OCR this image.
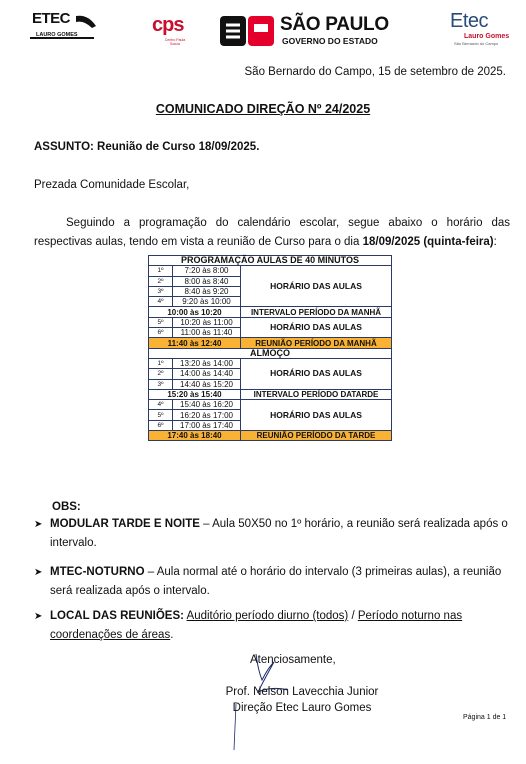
ETEC
LAURO GOMES	cps
Centro Paula Souza
SÃO PAULO
GOVERNO DO ESTADO
Etec
Lauro Gomes
São Bernardo do Campo
São Bernardo do Campo, 15 de setembro de 2025.
COMUNICADO DIREÇÃO Nº 24/2025
ASSUNTO: Reunião de Curso 18/09/2025.
Prezada Comunidade Escolar,
Seguindo a programação do calendário escolar, segue abaixo o horário das respectivas aulas, tendo em vista a reunião de Curso para o dia 18/09/2025 (quinta-feira):
PROGRAMAÇÃO AULAS DE 40 MINUTOS		
1º	7:20 às 8:00	HORÁRIO DAS AULAS
2º	8:00 às 8:40	
3º	8:40 às 9:20	
4º	9:20 às 10:00	
10:00 às 10:20		INTERVALO PERÍODO DA MANHÃ
5º	10:20 às 11:00	HORÁRIO DAS AULAS
6º	11:00 às 11:40	
11:40 às 12:40		REUNIÃO PERÍODO DA MANHÃ
ALMOÇO		
1º	13:20 às 14:00	HORÁRIO DAS AULAS
2º	14:00 às 14:40	
3º	14:40 às 15:20	
15:20 às 15:40		INTERVALO PERÍODO DATARDE
4º	15:40 às 16:20	HORÁRIO DAS AULAS
5º	16:20 às 17:00	
6º	17:00 às 17:40	
17:40 às 18:40		REUNIÃO PERÍODO DA TARDE
OBS:
➤ MODULAR TARDE E NOITE – Aula 50X50 no 1º horário, a reunião será realizada após o intervalo.
➤ MTEC-NOTURNO – Aula normal até o horário do intervalo (3 primeiras aulas), a reunião será realizada após o intervalo.
➤ LOCAL DAS REUNIÕES: Auditório período diurno (todos) / Período noturno nas coordenações de áreas.
Atenciosamente,
Prof. Nelson Lavecchia Junior
Direção Etec Lauro Gomes
Página 1 de 1
